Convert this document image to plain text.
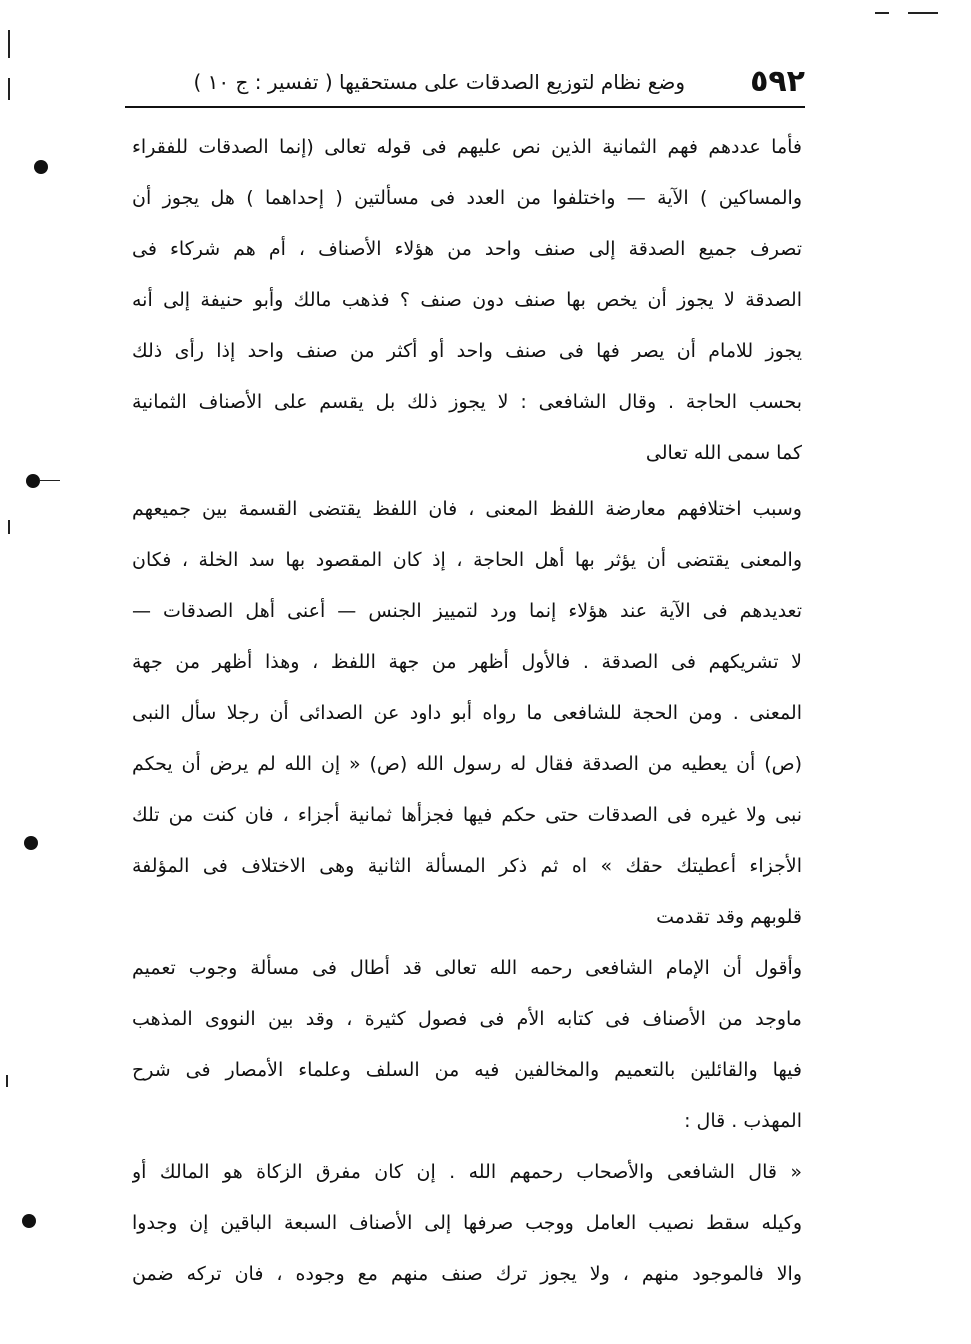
٥٩٢
وضع نظام لتوزيع الصدقات على مستحقيها ( تفسير : ج ١٠ )
فأما عددهم فهم الثمانية الذين نص عليهم فى قوله تعالى (إنما الصدقات للفقراء
والمساكين ) الآية — واختلفوا من العدد فى مسألتين ( إحداهما ) هل يجوز أن
تصرف جميع الصدقة إلى صنف واحد من هؤلاء الأصناف ، أم هم شركاء فى
الصدقة لا يجوز أن يخص بها صنف دون صنف ؟ فذهب مالك وأبو حنيفة إلى أنه
يجوز للامام أن يصر فها فى صنف واحد أو أكثر من صنف واحد إذا رأى ذلك
بحسب الحاجة . وقال الشافعى : لا يجوز ذلك بل يقسم على الأصناف الثمانية
كما سمى الله تعالى
وسبب اختلافهم معارضة اللفظ المعنى ، فان اللفظ يقتضى القسمة بين جميعهم
والمعنى يقتضى أن يؤثر بها أهل الحاجة ، إذ كان المقصود بها سد الخلة ، فكان
تعديدهم فى الآية عند هؤلاء إنما ورد لتمييز الجنس — أعنى أهل الصدقات —
لا تشريكهم فى الصدقة . فالأول أظهر من جهة اللفظ ، وهذا أظهر من جهة
المعنى . ومن الحجة للشافعى ما رواه أبو داود عن الصدائى أن رجلا سأل النبى
(ص) أن يعطيه من الصدقة فقال له رسول الله (ص) « إن الله لم يرض أن يحكم
نبى ولا غيره فى الصدقات حتى حكم فيها فجزأها ثمانية أجزاء ، فان كنت من تلك
الأجزاء أعطيتك حقك » اه ثم ذكر المسألة الثانية وهى الاختلاف فى المؤلفة
قلوبهم وقد تقدمت
وأقول أن الإمام الشافعى رحمه الله تعالى قد أطال فى مسألة وجوب تعميم
ماوجد من الأصناف فى كتابه الأم فى فصول كثيرة ، وقد بين النووى المذهب
فيها والقائلين بالتعميم والمخالفين فيه من السلف وعلماء الأمصار فى شرح
المهذب . قال :
« قال الشافعى والأصحاب رحمهم الله . إن كان مفرق الزكاة هو المالك أو
وكيله سقط نصيب العامل ووجب صرفها إلى الأصناف السبعة الباقين إن وجدوا
والا فالموجود منهم ، ولا يجوز ترك صنف منهم مع وجوده ، فان تركه ضمن
